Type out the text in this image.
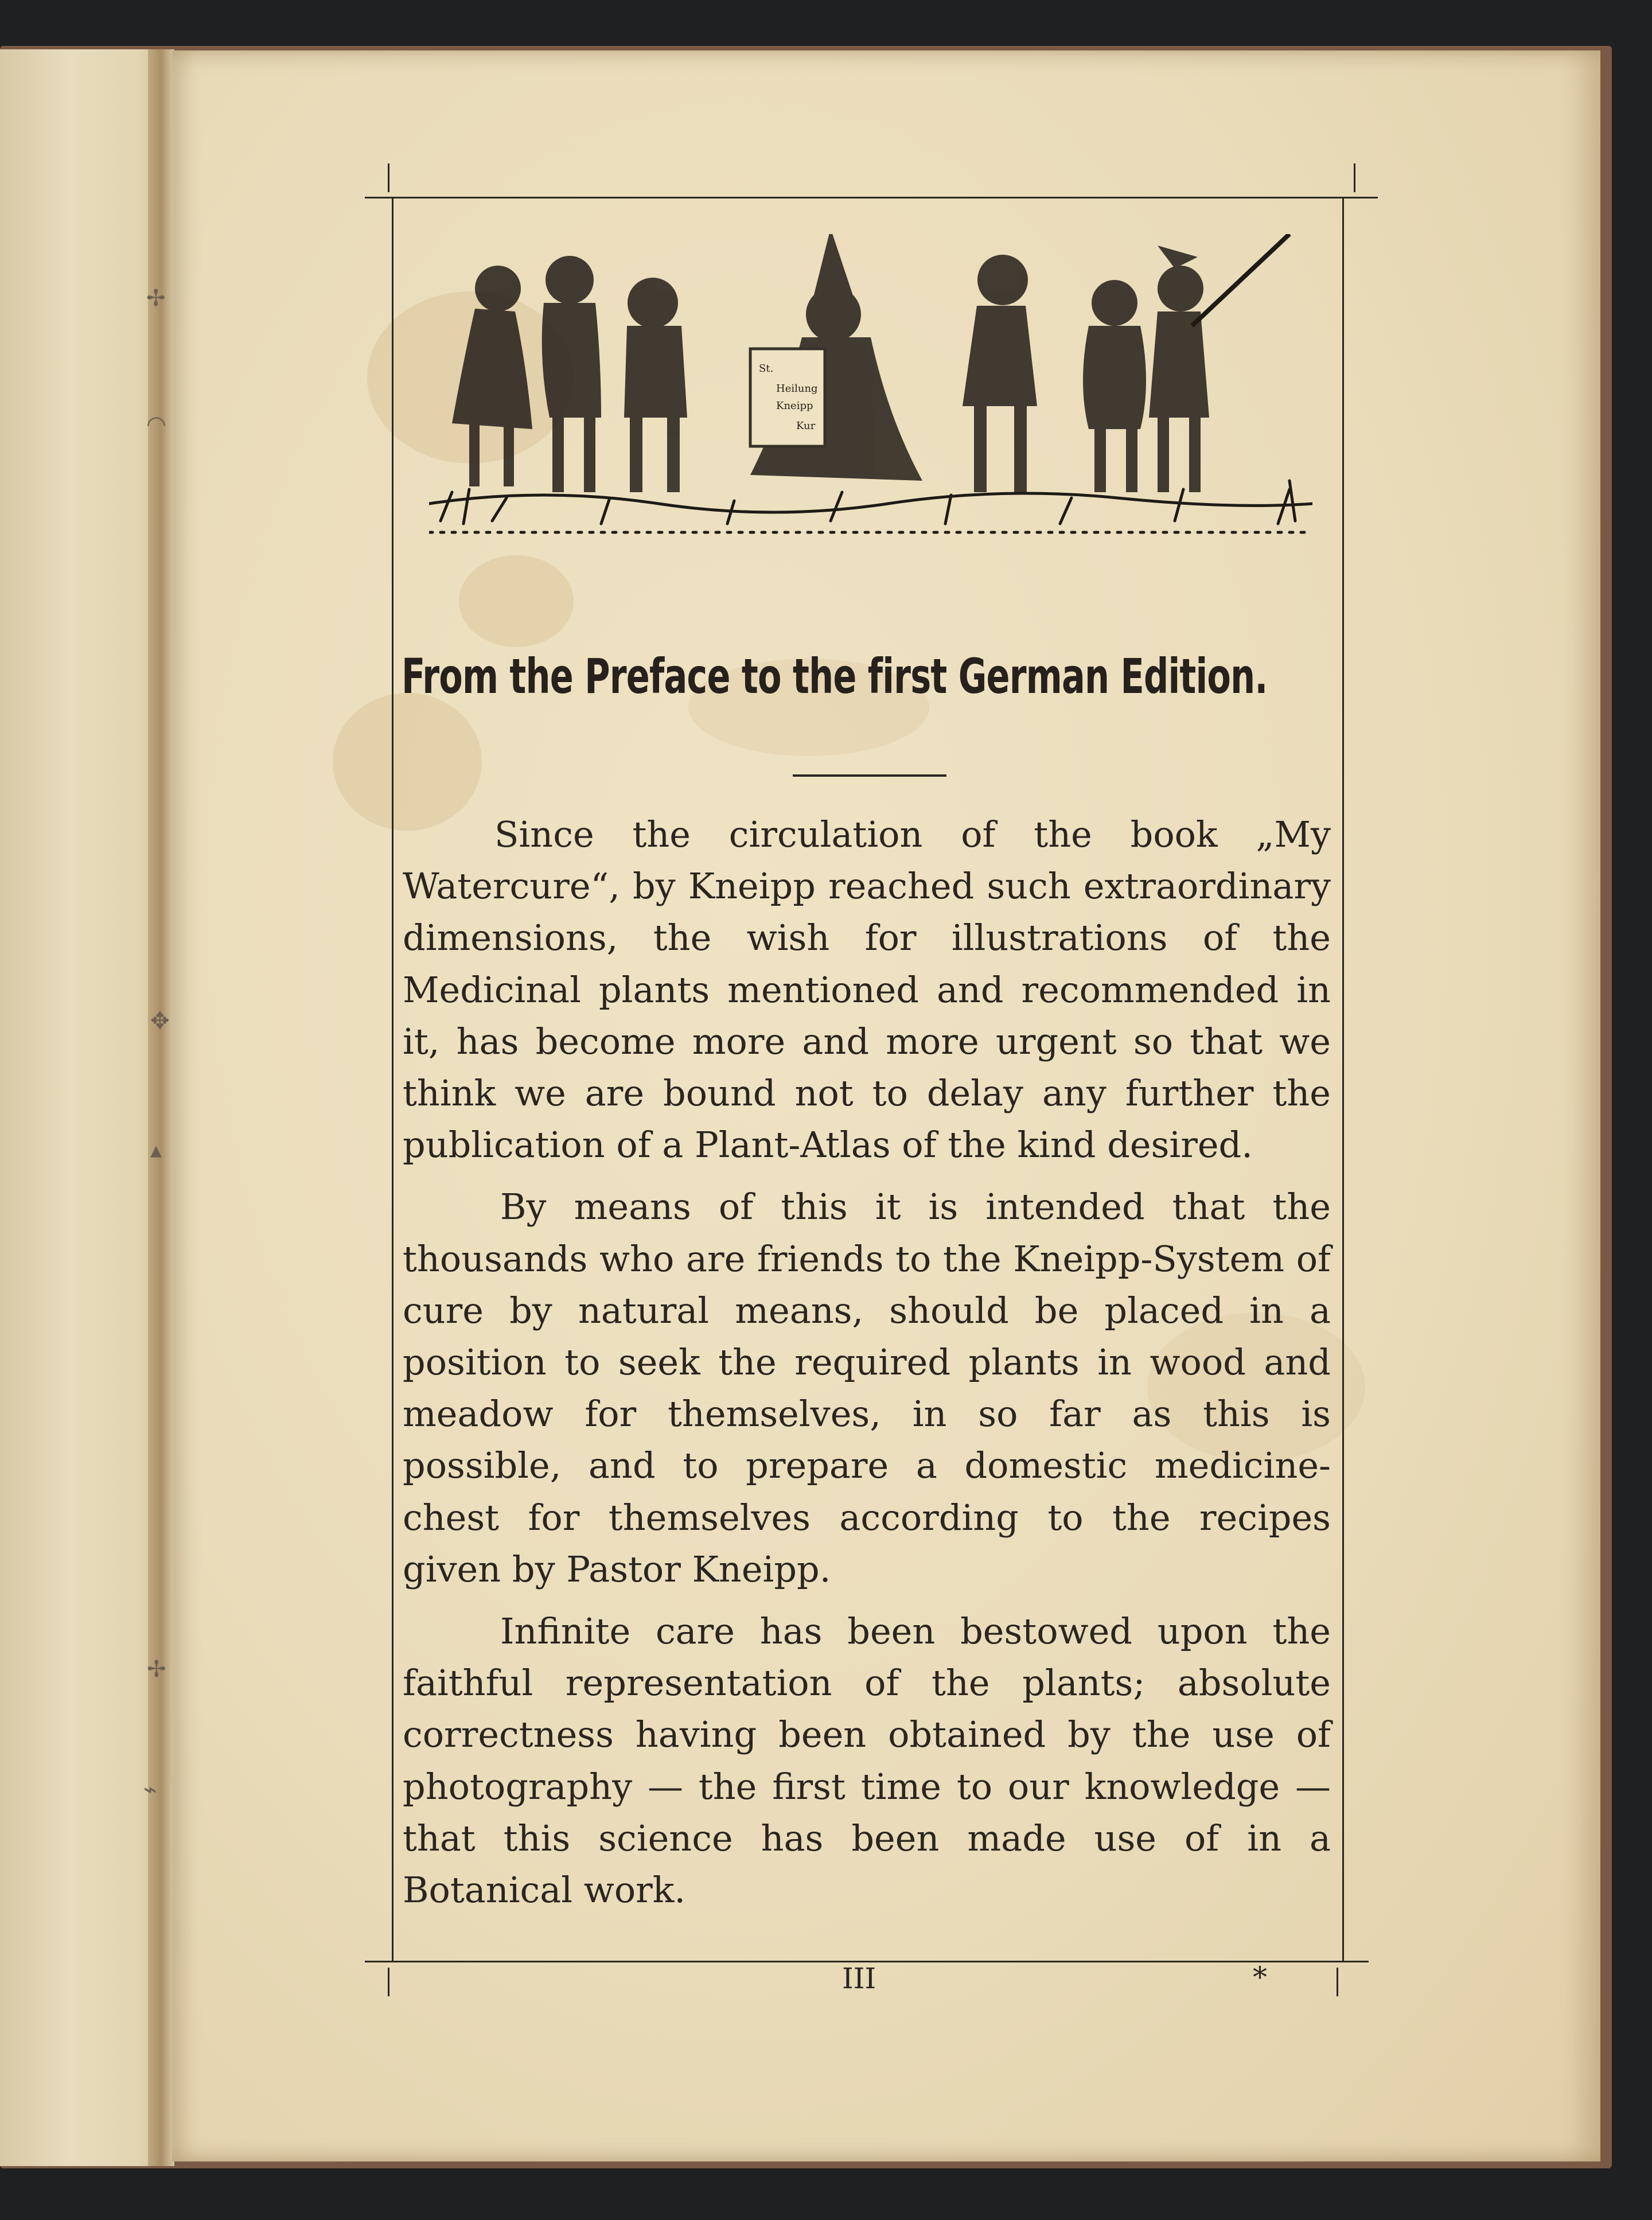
✢
◠
✥
▴
✢
⌁
St.
Heilung
Kneipp
Kur
From the Preface to the first German Edition.

Since the circulation of the book „My Watercure“, by Kneipp reached such extraordinary dimensions, the wish for illustrations of the Medicinal plants mentioned and recommended in it, has become more and more urgent so that we think we are bound not to delay any further the publication of a Plant-Atlas of the kind desired.

By means of this it is intended that the thousands who are friends to the Kneipp-System of cure by natural means, should be placed in a position to seek the required plants in wood and meadow for themselves, in so far as this is possible, and to prepare a domestic medicine-chest for themselves according to the recipes given by Pastor Kneipp.

Infinite care has been bestowed upon the faithful representation of the plants; absolute correctness having been obtained by the use of photography — the first time to our knowledge — that this science has been made use of in a Botanical work.

III	*
